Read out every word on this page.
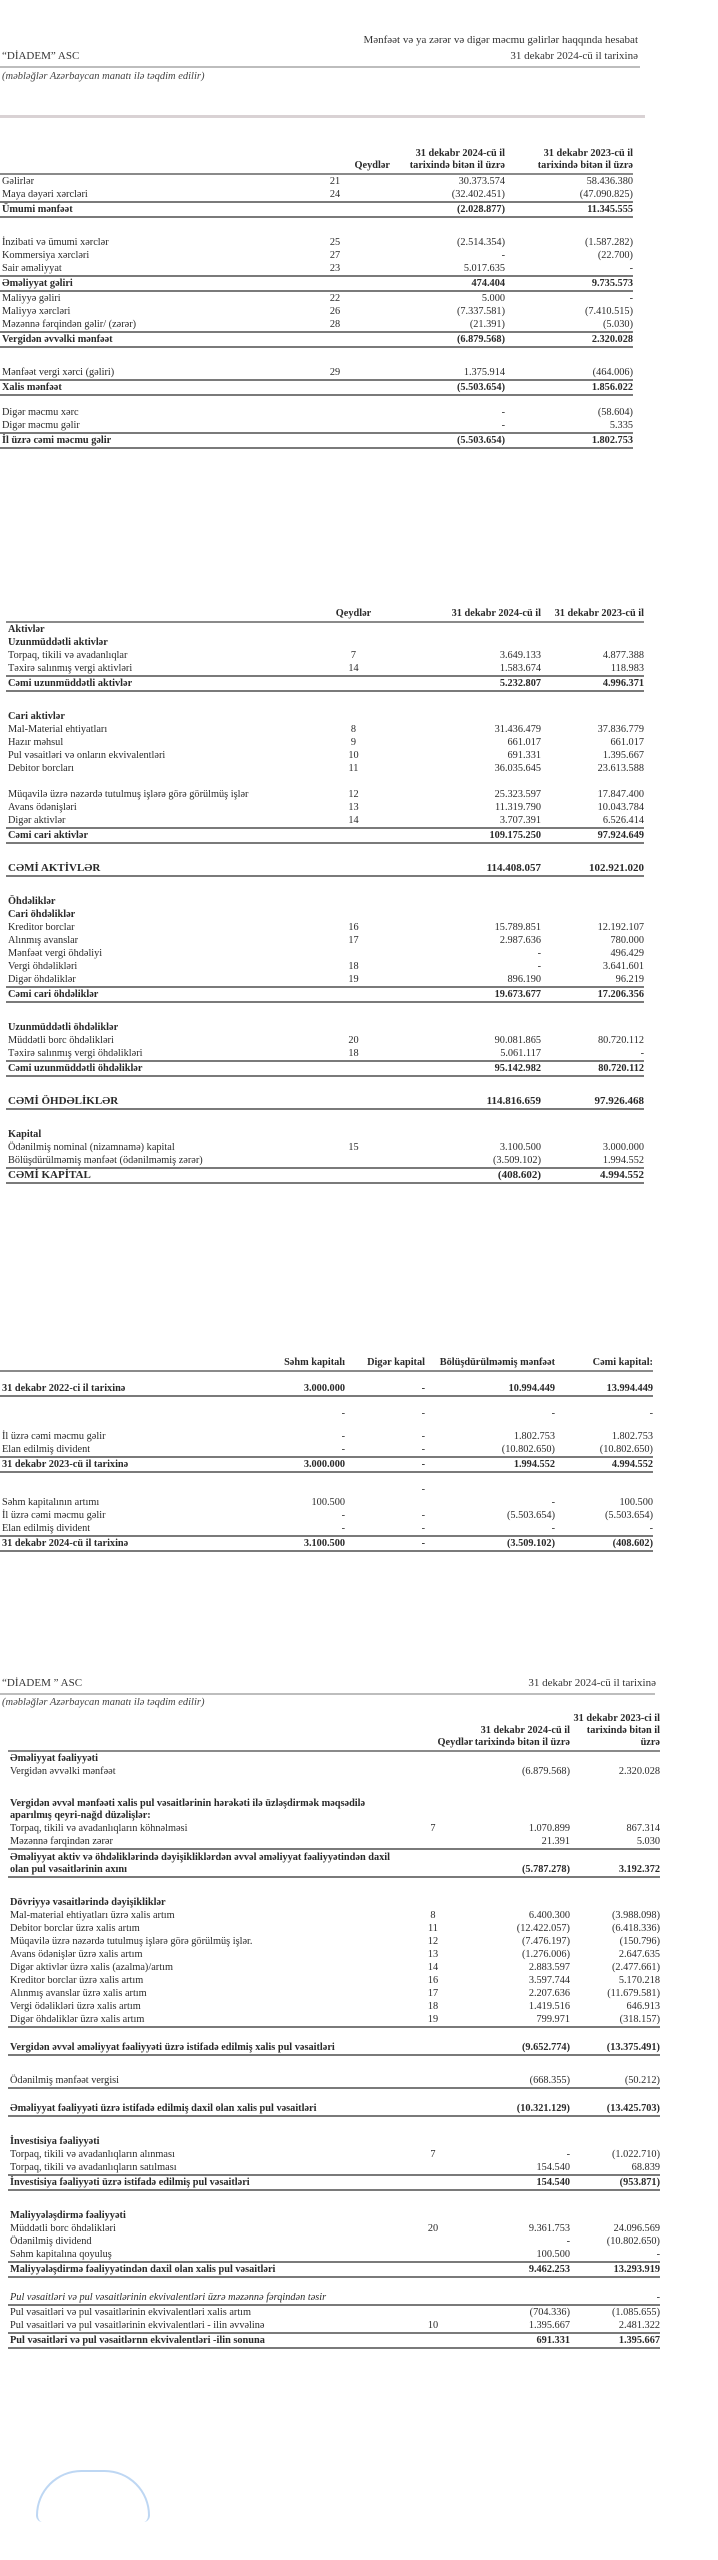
Mənfəət və ya zərər və digər məcmu gəlirlər haqqında hesabat
“DİADEM” ASC	31 dekabr 2024-cü il tarixinə
(məbləğlər Azərbaycan manatı ilə təqdim edilir)
	Qeydlər	31 dekabr 2024-cü il tarixində bitən il üzrə	31 dekabr 2023-cü il tarixində bitən il üzrə
Gəlirlər	21	30.373.574	58.436.380
Maya dəyəri xərcləri	24	(32.402.451)	(47.090.825)
Ümumi mənfəət		(2.028.877)	11.345.555

İnzibati və ümumi xərclər	25	(2.514.354)	(1.587.282)
Kommersiya xərcləri	27	-	(22.700)
Sair əməliyyat	23	5.017.635	-
Əməliyyat gəliri		474.404	9.735.573
Maliyyə gəliri	22	5.000	-
Maliyyə xərcləri	26	(7.337.581)	(7.410.515)
Məzənnə fərqindən gəlir/ (zərər)	28	(21.391)	(5.030)
Vergidən əvvəlki mənfəət		(6.879.568)	2.320.028

Mənfəət vergi xərci (gəliri)	29	1.375.914	(464.006)
Xalis mənfəət		(5.503.654)	1.856.022

Digər məcmu xərc		-	(58.604)
Digər məcmu gəlir		-	5.335
İl üzrə cəmi məcmu gəlir		(5.503.654)	1.802.753
	Qeydlər	31 dekabr 2024-cü il	31 dekabr 2023-cü il
Aktivlər			
Uzunmüddətli aktivlər			
Torpaq, tikili və avadanlıqlar	7	3.649.133	4.877.388
Təxirə salınmış vergi aktivləri	14	1.583.674	118.983
Cəmi uzunmüddətli aktivlər		5.232.807	4.996.371

Cari aktivlər			
Mal-Material ehtiyatları	8	31.436.479	37.836.779
Hazır məhsul	9	661.017	661.017
Pul vəsaitləri və onların ekvivalentləri	10	691.331	1.395.667
Debitor borcları	11	36.035.645	23.613.588
Müqavilə üzrə nəzərdə tutulmuş işlərə görə görülmüş işlər	12	25.323.597	17.847.400
Avans ödənişləri	13	11.319.790	10.043.784
Digər aktivlər	14	3.707.391	6.526.414
Cəmi cari aktivlər		109.175.250	97.924.649

CƏMİ AKTİVLƏR		114.408.057	102.921.020

Öhdəliklər			
Cari öhdəliklər			
Kreditor borclar	16	15.789.851	12.192.107
Alınmış avanslar	17	2.987.636	780.000
Mənfəət vergi öhdəliyi		-	496.429
Vergi öhdəlikləri	18	-	3.641.601
Digər öhdəliklər	19	896.190	96.219
Cəmi cari öhdəliklər		19.673.677	17.206.356

Uzunmüddətli öhdəliklər			
Müddətli borc öhdəlikləri	20	90.081.865	80.720.112
Təxirə salınmış vergi öhdəlikləri	18	5.061.117	-
Cəmi uzunmüddətli öhdəliklər		95.142.982	80.720.112

CƏMİ ÖHDƏLİKLƏR		114.816.659	97.926.468

Kapital			
Ödənilmiş nominal (nizamnamə) kapital	15	3.100.500	3.000.000
Bölüşdürülməmiş mənfəət (ödənilməmiş zərər)		(3.509.102)	1.994.552
CƏMİ KAPİTAL		(408.602)	4.994.552
	Səhm kapitalı	Digər kapital	Bölüşdürülməmiş mənfəət	Cəmi kapital:

31 dekabr 2022-ci il tarixinə	3.000.000	-	10.994.449	13.994.449

	-	-	-	-

İl üzrə cəmi məcmu gəlir	-	-	1.802.753	1.802.753
Elan edilmiş divident	-	-	(10.802.650)	(10.802.650)
31 dekabr 2023-cü il tarixinə	3.000.000	-	1.994.552	4.994.552

		-		
Səhm kapitalının artımı	100.500		-	100.500
İl üzrə cəmi məcmu gəlir	-	-	(5.503.654)	(5.503.654)
Elan edilmiş divident	-	-	-	-
31 dekabr 2024-cü il tarixinə	3.100.500	-	(3.509.102)	(408.602)
“DİADEM ” ASC	31 dekabr 2024-cü il tarixinə
(məbləğlər Azərbaycan manatı ilə təqdim edilir)
	Qeydlər	31 dekabr 2024-cü il tarixində bitən il üzrə	31 dekabr 2023-ci il tarixində bitən il üzrə
Əməliyyat fəaliyyəti			
Vergidən əvvəlki mənfəət		(6.879.568)	2.320.028

Vergidən əvvəl mənfəəti xalis pul vəsaitlərinin hərəkəti ilə üzləşdirmək məqsədilə aparılmış qeyri-nağd düzəlişlər:			
Torpaq, tikili və avadanlıqların köhnəlməsi	7	1.070.899	867.314
Məzənnə fərqindən zərər		21.391	5.030
Əməliyyat aktiv və öhdəliklərində dəyişikliklərdən əvvəl əməliyyat fəaliyyətindən daxil olan pul vəsaitlərinin axını		(5.787.278)	3.192.372

Dövriyyə vəsaitlərində dəyişikliklər			
Mal-material ehtiyatları üzrə xalis artım	8	6.400.300	(3.988.098)
Debitor borclar üzrə xalis artım	11	(12.422.057)	(6.418.336)
Müqavilə üzrə nəzərdə tutulmuş işlərə görə görülmüş işlər.	12	(7.476.197)	(150.796)
Avans ödənişlər üzrə xalis artım	13	(1.276.006)	2.647.635
Digər aktivlər üzrə xalis (azalma)/artım	14	2.883.597	(2.477.661)
Kreditor borclar üzrə xalis artım	16	3.597.744	5.170.218
Alınmış avanslar üzrə xalis artım	17	2.207.636	(11.679.581)
Vergi ödəlikləri üzrə xalis artım	18	1.419.516	646.913
Digər öhdəliklər üzrə xalis artım	19	799.971	(318.157)
Vergidən əvvəl əməliyyat fəaliyyəti üzrə istifadə edilmiş xalis pul vəsaitləri		(9.652.774)	(13.375.491)

Ödənilmiş mənfəət vergisi		(668.355)	(50.212)
Əməliyyat fəaliyyəti üzrə istifadə edilmiş daxil olan xalis pul vəsaitləri		(10.321.129)	(13.425.703)

İnvestisiya fəaliyyəti			
Torpaq, tikili və avadanlıqların alınması	7	-	(1.022.710)
Torpaq, tikili və avadanlıqların satılması		154.540	68.839
İnvestisiya fəaliyyəti üzrə istifadə edilmiş pul vəsaitləri		154.540	(953.871)

Maliyyələşdirmə fəaliyyəti			
Müddətli borc öhdəlikləri	20	9.361.753	24.096.569
Ödənilmiş dividend		-	(10.802.650)
Səhm kapitalına qoyuluş		100.500	-
Maliyyələşdirmə fəaliyyətindən daxil olan xalis pul vəsaitləri		9.462.253	13.293.919
Pul vəsaitləri və pul vəsaitlərinin ekvivalentləri üzrə məzənnə fərqindən təsir			-
Pul vəsaitləri və pul vəsaitlərinin ekvivalentləri xalis artım		(704.336)	(1.085.655)
Pul vəsaitləri və pul vəsaitlərinin ekvivalentləri - ilin əvvəlinə	10	1.395.667	2.481.322
Pul vəsaitləri və pul vəsaitlərnn ekvivalentləri -ilin sonuna		691.331	1.395.667
